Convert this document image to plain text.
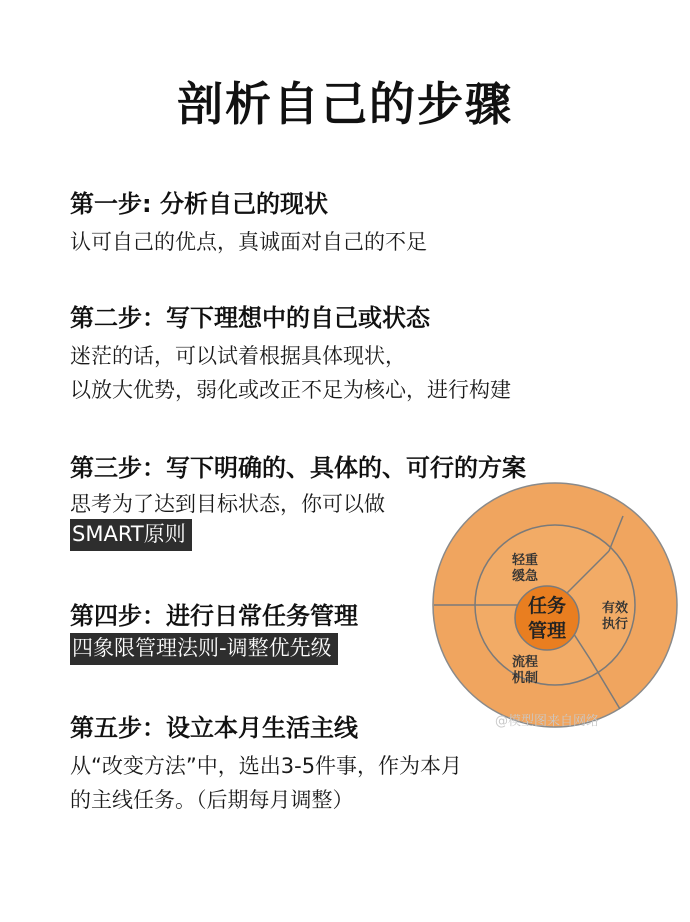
剖析自己的步骤
第一步: 分析自己的现状
认可自己的优点，真诚面对自己的不足
第二步：写下理想中的自己或状态
迷茫的话，可以试着根据具体现状，
以放大优势，弱化或改正不足为核心，进行构建
第三步：写下明确的、具体的、可行的方案
思考为了达到目标状态，你可以做
SMART原则
第四步：进行日常任务管理
四象限管理法则-调整优先级
第五步：设立本月生活主线
从“改变方法”中，选出3-5件事，作为本月
的主线任务。（后期每月调整）
任务
管理
轻重
缓急
有效
执行
流程
机制
@模型图来自网络
